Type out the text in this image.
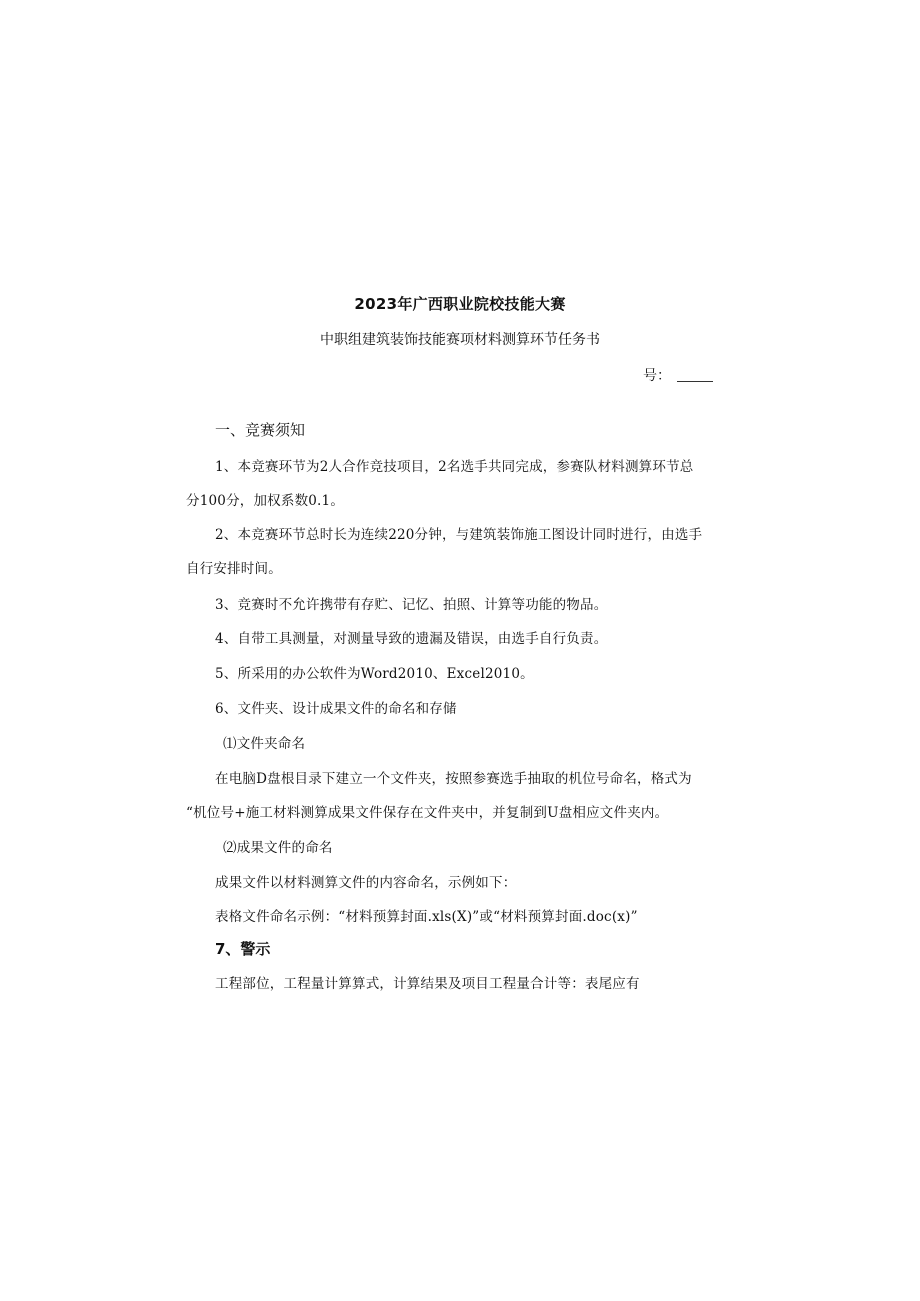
2023年广西职业院校技能大赛
中职组建筑装饰技能赛项材料测算环节任务书
号：
一、竞赛须知
1、本竞赛环节为2人合作竞技项目，2名选手共同完成，参赛队材料测算环节总
分100分，加权系数0.1。
2、本竞赛环节总时长为连续220分钟，与建筑装饰施工图设计同时进行，由选手
自行安排时间。
3、竞赛时不允许携带有存贮、记忆、拍照、计算等功能的物品。
4、自带工具测量，对测量导致的遗漏及错误，由选手自行负责。
5、所采用的办公软件为Word2010、Excel2010。
6、文件夹、设计成果文件的命名和存储
⑴文件夹命名
在电脑D盘根目录下建立一个文件夹，按照参赛选手抽取的机位号命名，格式为
“机位号+施工材料测算成果文件保存在文件夹中，并复制到U盘相应文件夹内。
⑵成果文件的命名
成果文件以材料测算文件的内容命名，示例如下：
表格文件命名示例：“材料预算封面.xls(X)”或“材料预算封面.doc(x)”
7、警示
工程部位，工程量计算算式，计算结果及项目工程量合计等：表尾应有
